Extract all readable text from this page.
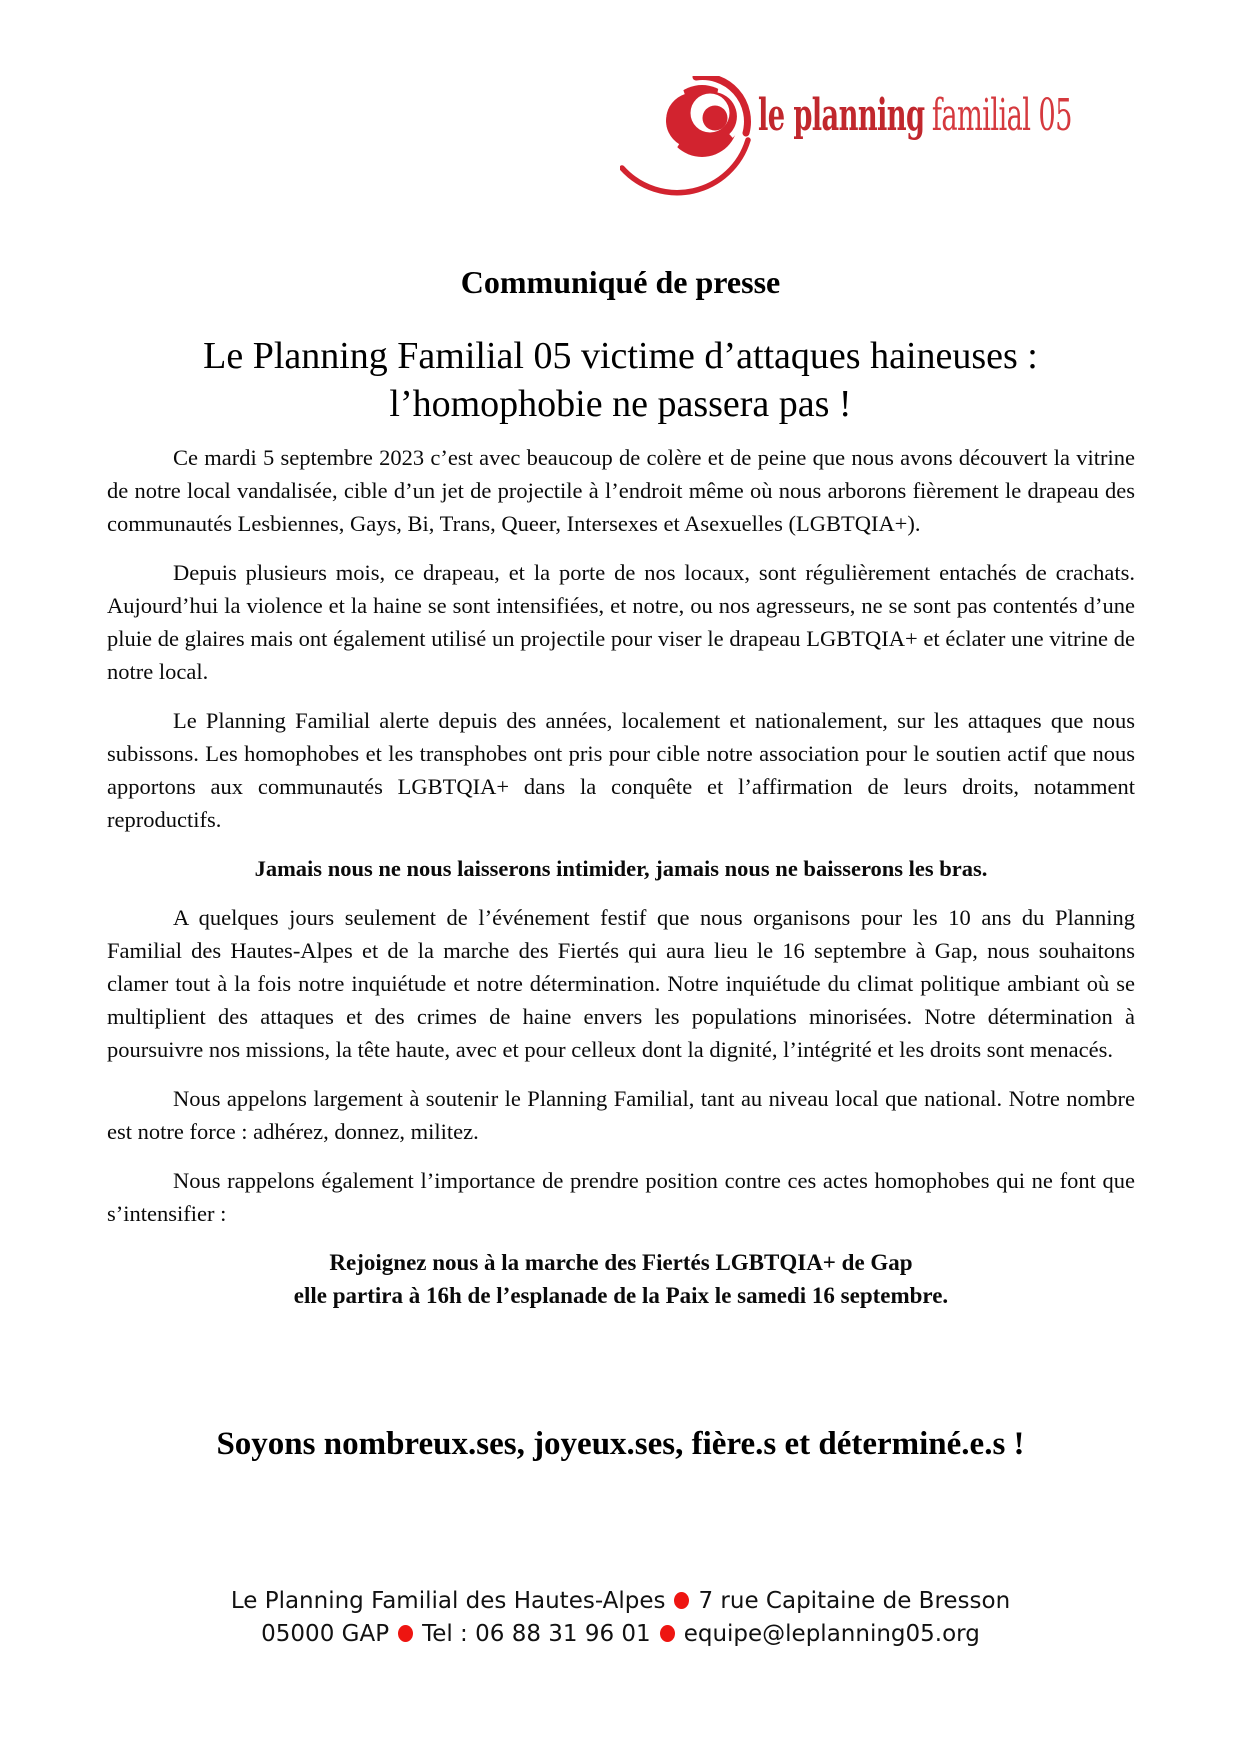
le planning familial 05
Communiqué de presse
Le Planning Familial 05 victime d’attaques haineuses :
l’homophobie ne passera pas !

Ce mardi 5 septembre 2023 c’est avec beaucoup de colère et de peine que nous avons découvert la vitrine de notre local vandalisée, cible d’un jet de projectile à l’endroit même où nous arborons fièrement le drapeau des communautés Lesbiennes, Gays, Bi, Trans, Queer, Intersexes et Asexuelles (LGBTQIA+).

Depuis plusieurs mois, ce drapeau, et la porte de nos locaux, sont régulièrement entachés de crachats. Aujourd’hui la violence et la haine se sont intensifiées, et notre, ou nos agresseurs, ne se sont pas contentés d’une pluie de glaires mais ont également utilisé un projectile pour viser le drapeau LGBTQIA+ et éclater une vitrine de notre local.

Le Planning Familial alerte depuis des années, localement et nationalement, sur les attaques que nous subissons. Les homophobes et les transphobes ont pris pour cible notre association pour le soutien actif que nous apportons aux communautés LGBTQIA+ dans la conquête et l’affirmation de leurs droits, notamment reproductifs.

Jamais nous ne nous laisserons intimider, jamais nous ne baisserons les bras.

A quelques jours seulement de l’événement festif que nous organisons pour les 10 ans du Planning Familial des Hautes-Alpes et de la marche des Fiertés qui aura lieu le 16 septembre à Gap, nous souhaitons clamer tout à la fois notre inquiétude et notre détermination. Notre inquiétude du climat politique ambiant où se multiplient des attaques et des crimes de haine envers les populations minorisées. Notre détermination à poursuivre nos missions, la tête haute, avec et pour celleux dont la dignité, l’intégrité et les droits sont menacés.

Nous appelons largement à soutenir le Planning Familial, tant au niveau local que national. Notre nombre est notre force : adhérez, donnez, militez.

Nous rappelons également l’importance de prendre position contre ces actes homophobes qui ne font que s’intensifier :

Rejoignez nous à la marche des Fiertés LGBTQIA+ de Gap
elle partira à 16h de l’esplanade de la Paix le samedi 16 septembre.
Soyons nombreux.ses, joyeux.ses, fière.s et déterminé.e.s !
Le Planning Familial des Hautes-Alpes 7 rue Capitaine de Bresson
05000 GAP Tel : 06 88 31 96 01 equipe@leplanning05.org
